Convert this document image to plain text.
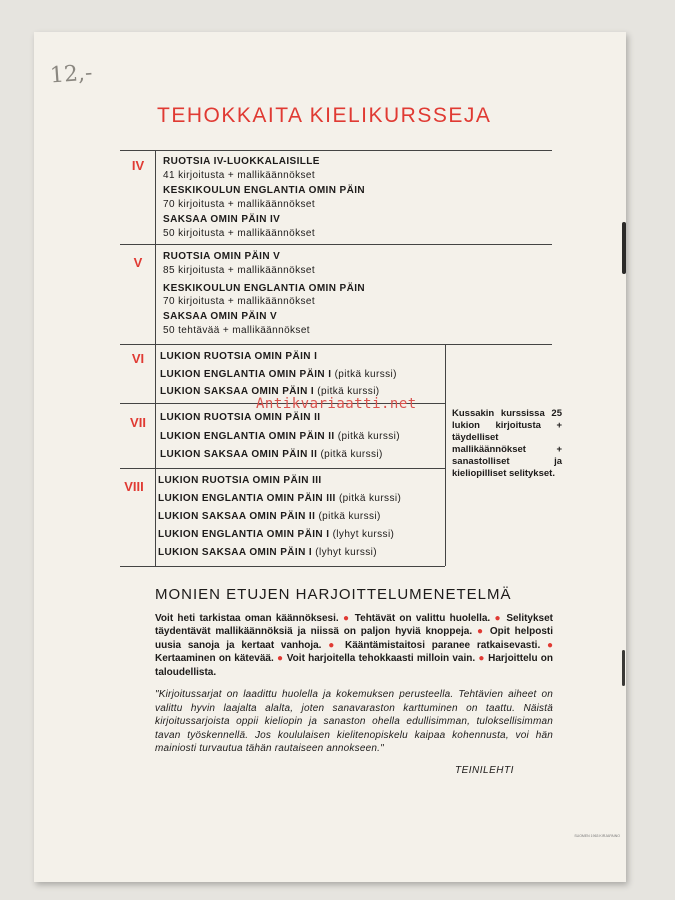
12,-
TEHOKKAITA KIELIKURSSEJA
IV	RUOTSIA IV-LUOKKALAISILLE
41 kirjoitusta + mallikäännökset
KESKIKOULUN ENGLANTIA OMIN PÄIN
70 kirjoitusta + mallikäännökset
SAKSAA OMIN PÄIN IV
50 kirjoitusta + mallikäännökset
V	RUOTSIA OMIN PÄIN V
85 kirjoitusta + mallikäännökset
KESKIKOULUN ENGLANTIA OMIN PÄIN
70 kirjoitusta + mallikäännökset
SAKSAA OMIN PÄIN V
50 tehtävää + mallikäännökset
VI	LUKION RUOTSIA OMIN PÄIN I
LUKION ENGLANTIA OMIN PÄIN I (pitkä kurssi)
LUKION SAKSAA OMIN PÄIN I (pitkä kurssi)
VII	LUKION RUOTSIA OMIN PÄIN II
LUKION ENGLANTIA OMIN PÄIN II (pitkä kurssi)
LUKION SAKSAA OMIN PÄIN II (pitkä kurssi)
VIII	LUKION RUOTSIA OMIN PÄIN III
LUKION ENGLANTIA OMIN PÄIN III (pitkä kurssi)
LUKION SAKSAA OMIN PÄIN II (pitkä kurssi)
LUKION ENGLANTIA OMIN PÄIN I (lyhyt kurssi)
LUKION SAKSAA OMIN PÄIN I (lyhyt kurssi)
Kussakin kurssissa 25 lukion kirjoitusta + täydelliset mallikäännökset + sanastolliset ja kieliopilliset selitykset.
Antikvariaatti.net
MONIEN ETUJEN HARJOITTELUMENETELMÄ
Voit heti tarkistaa oman käännöksesi. ● Tehtävät on valittu huolella. ● Selitykset täydentävät mallikäännöksiä ja niissä on paljon hyviä knoppeja. ● Opit helposti uusia sanoja ja kertaat vanhoja. ● Kääntämistaitosi paranee ratkaisevasti. ● Kertaaminen on kätevää. ● Voit harjoitella tehokkaasti milloin vain. ● Harjoittelu on taloudellista.
"Kirjoitussarjat on laadittu huolella ja kokemuksen perusteella. Tehtävien aiheet on valittu hyvin laajalta alalta, joten sanavaraston karttuminen on taattu. Näistä kirjoitussarjoista oppii kieliopin ja sanaston ohella edullisimman, tuloksellisimman tavan työskennellä. Jos koululaisen kielitenopiskelu kaipaa kohennusta, voi hän mainiosti turvautua tähän rautaiseen annokseen."
TEINILEHTI
SUOMEN 1963 KIRJAPAINO
